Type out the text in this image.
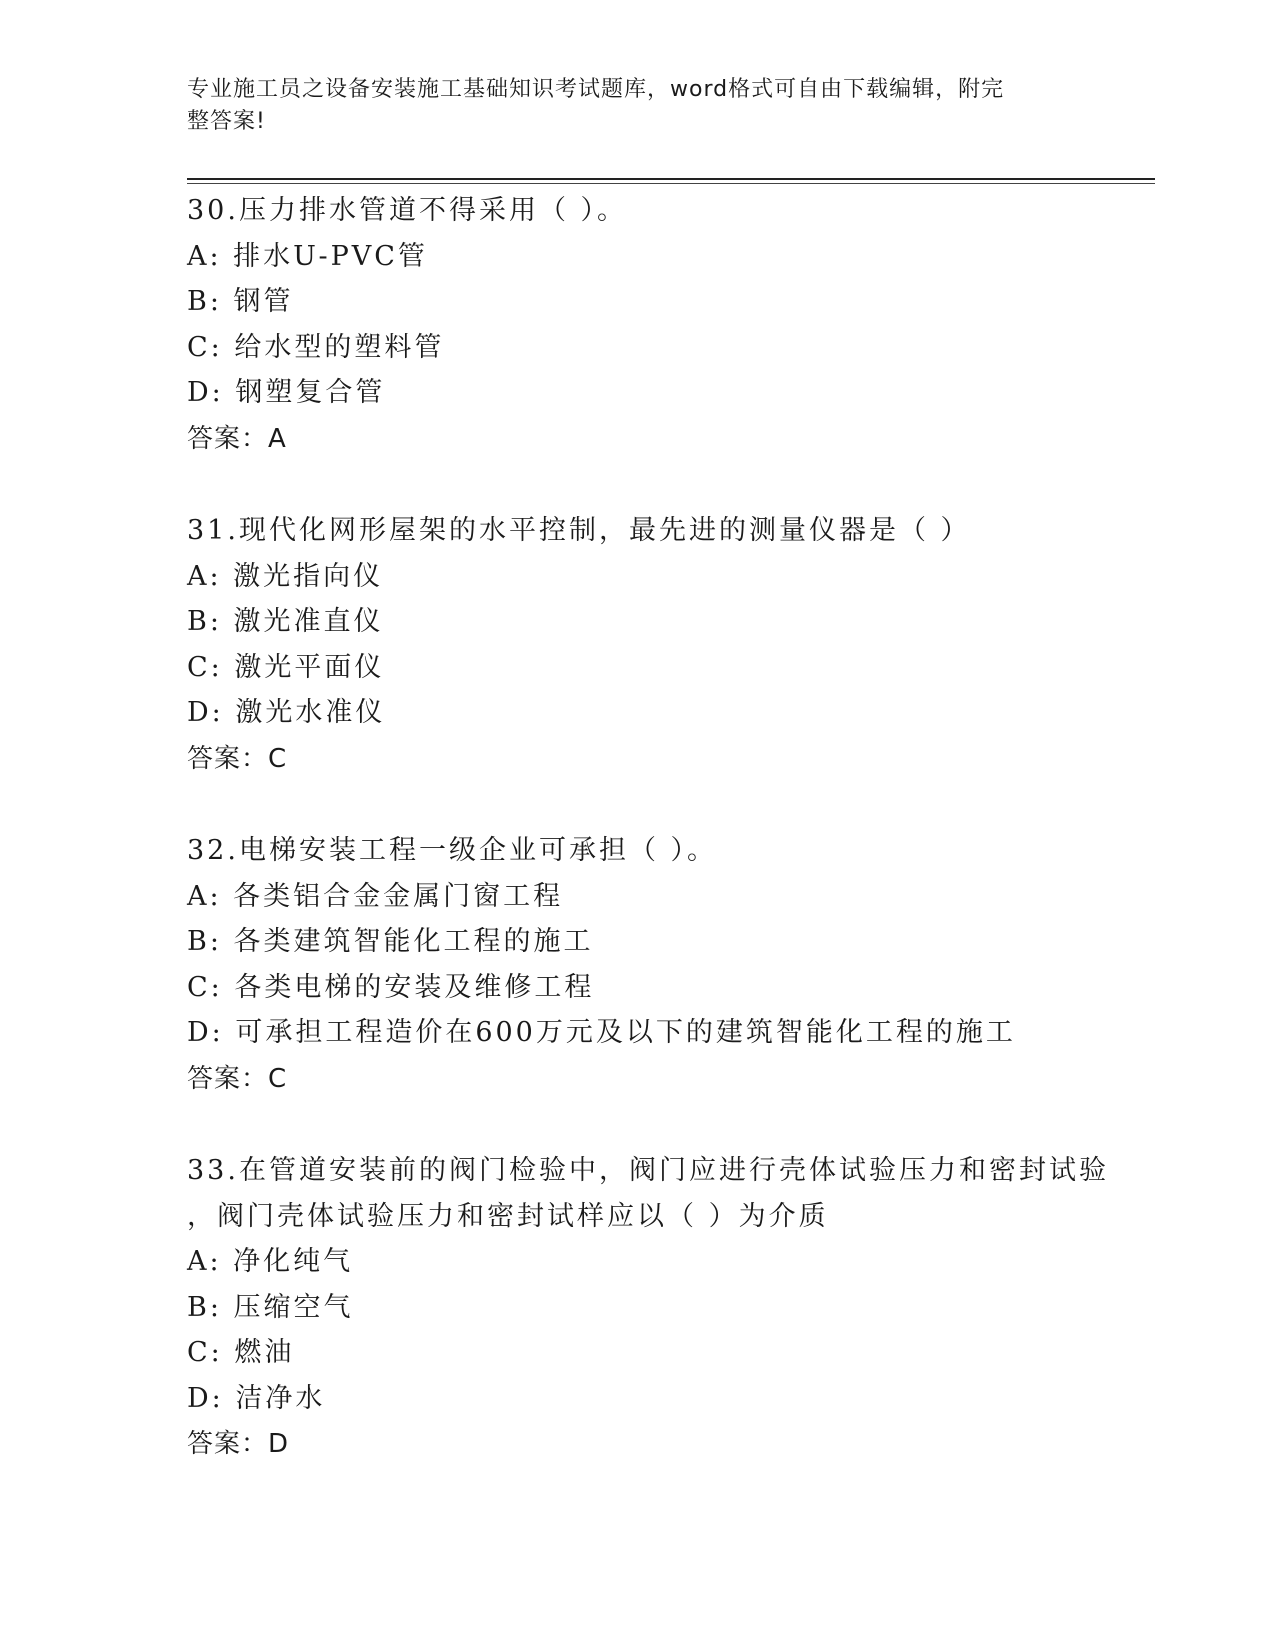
专业施工员之设备安装施工基础知识考试题库，word格式可自由下载编辑，附完
整答案!
30.压力排水管道不得采用（ ）。
A: 排水U-PVC管
B: 钢管
C: 给水型的塑料管
D: 钢塑复合管
答案：A
31.现代化网形屋架的水平控制，最先进的测量仪器是（ ）
A: 激光指向仪
B: 激光准直仪
C: 激光平面仪
D: 激光水准仪
答案：C
32.电梯安装工程一级企业可承担（ ）。
A: 各类铝合金金属门窗工程
B: 各类建筑智能化工程的施工
C: 各类电梯的安装及维修工程
D: 可承担工程造价在600万元及以下的建筑智能化工程的施工
答案：C
33.在管道安装前的阀门检验中，阀门应进行壳体试验压力和密封试验
，阀门壳体试验压力和密封试样应以（ ）为介质
A: 净化纯气
B: 压缩空气
C: 燃油
D: 洁净水
答案：D
